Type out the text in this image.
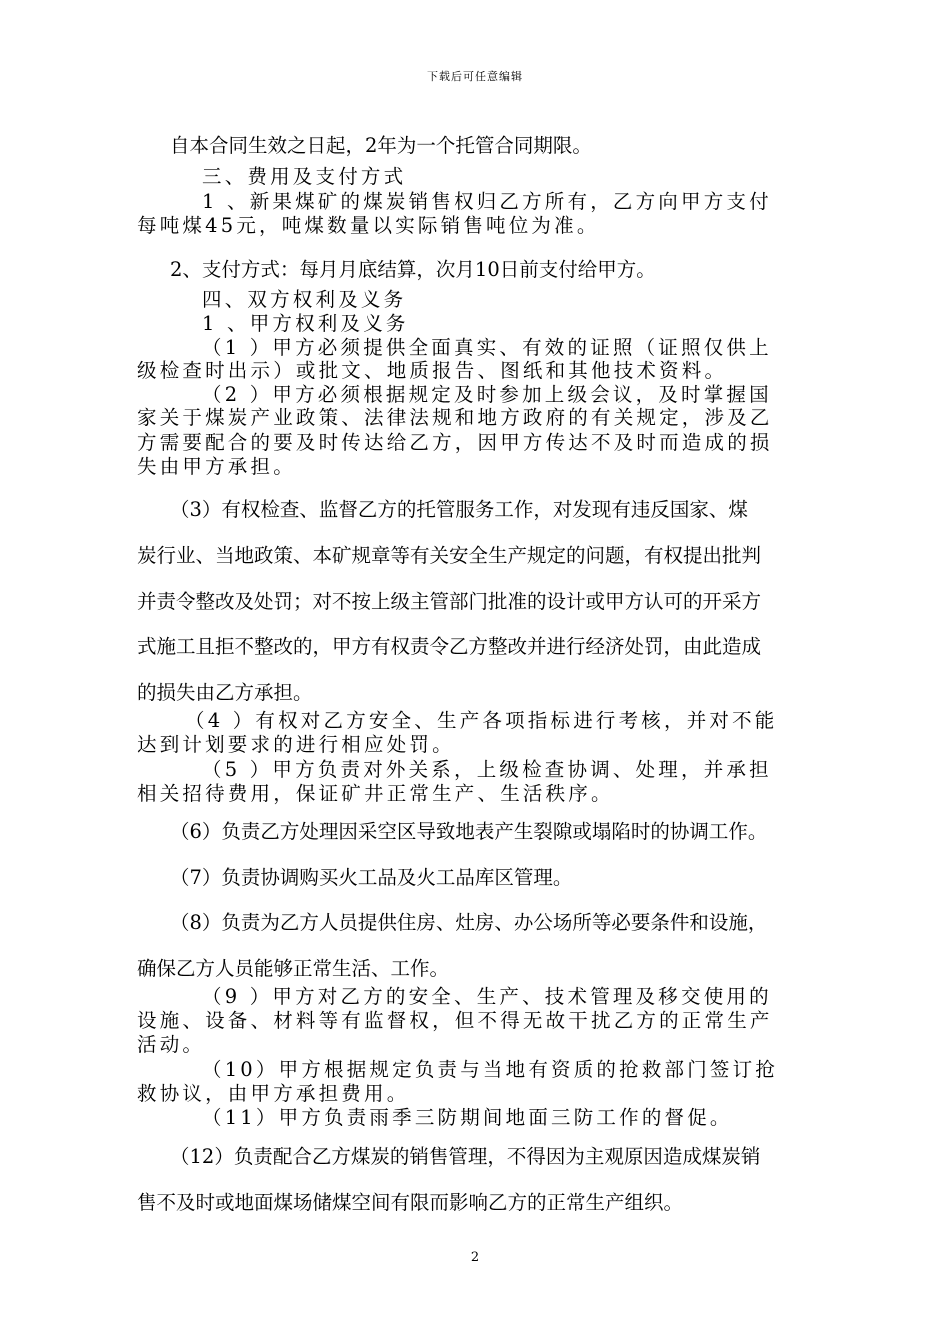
下载后可任意编辑
自本合同生效之日起，2年为一个托管合同期限。
三、费用及支付方式
1 、新果煤矿的煤炭销售权归乙方所有，乙方向甲方支付
每吨煤45元，吨煤数量以实际销售吨位为准。
2、支付方式：每月月底结算，次月10日前支付给甲方。
四、双方权利及义务
1 、甲方权利及义务
（1 ）甲方必须提供全面真实、有效的证照（证照仅供上
级检查时出示）或批文、地质报告、图纸和其他技术资料。
（2 ）甲方必须根据规定及时参加上级会议，及时掌握国
家关于煤炭产业政策、法律法规和地方政府的有关规定，涉及乙
方需要配合的要及时传达给乙方，因甲方传达不及时而造成的损
失由甲方承担。
（3）有权检查、监督乙方的托管服务工作，对发现有违反国家、煤
炭行业、当地政策、本矿规章等有关安全生产规定的问题，有权提出批判
并责令整改及处罚；对不按上级主管部门批准的设计或甲方认可的开采方
式施工且拒不整改的，甲方有权责令乙方整改并进行经济处罚，由此造成
的损失由乙方承担。
（4 ）有权对乙方安全、生产各项指标进行考核，并对不能
达到计划要求的进行相应处罚。
（5 ）甲方负责对外关系，上级检查协调、处理，并承担
相关招待费用，保证矿井正常生产、生活秩序。
（6）负责乙方处理因采空区导致地表产生裂隙或塌陷时的协调工作。
（7）负责协调购买火工品及火工品库区管理。
（8）负责为乙方人员提供住房、灶房、办公场所等必要条件和设施，
确保乙方人员能够正常生活、工作。
（9 ）甲方对乙方的安全、生产、技术管理及移交使用的
设施、设备、材料等有监督权，但不得无故干扰乙方的正常生产
活动。
（10）甲方根据规定负责与当地有资质的抢救部门签订抢
救协议，由甲方承担费用。
（11）甲方负责雨季三防期间地面三防工作的督促。
（12）负责配合乙方煤炭的销售管理，不得因为主观原因造成煤炭销
售不及时或地面煤场储煤空间有限而影响乙方的正常生产组织。
2
